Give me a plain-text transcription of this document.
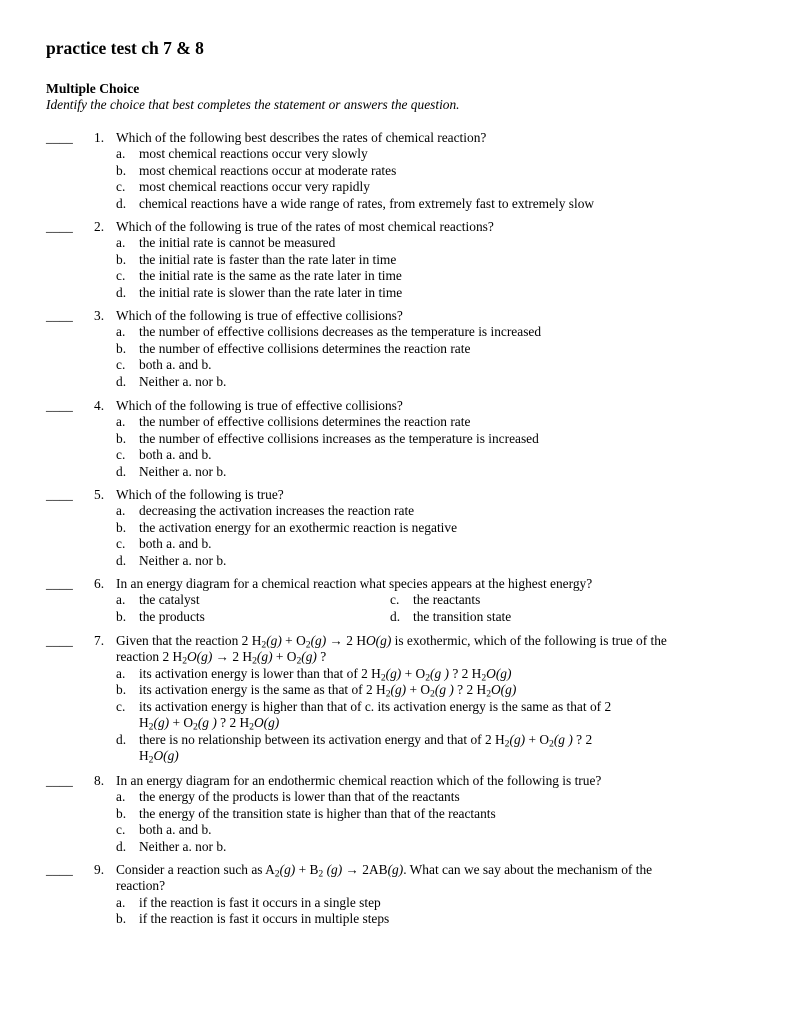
practice test ch 7 & 8
Multiple Choice
Identify the choice that best completes the statement or answers the question.
____ 1. Which of the following best describes the rates of chemical reaction?
a. most chemical reactions occur very slowly
b. most chemical reactions occur at moderate rates
c. most chemical reactions occur very rapidly
d. chemical reactions have a wide range of rates, from extremely fast to extremely slow
____ 2. Which of the following is true of the rates of most chemical reactions?
a. the initial rate is cannot be measured
b. the initial rate is faster than the rate later in time
c. the initial rate is the same as the rate later in time
d. the initial rate is slower than the rate later in time
____ 3. Which of the following is true of effective collisions?
a. the number of effective collisions decreases as the temperature is increased
b. the number of effective collisions determines the reaction rate
c. both a. and b.
d. Neither a. nor b.
____ 4. Which of the following is true of effective collisions?
a. the number of effective collisions determines the reaction rate
b. the number of effective collisions increases as the temperature is increased
c. both a. and b.
d. Neither a. nor b.
____ 5. Which of the following is true?
a. decreasing the activation increases the reaction rate
b. the activation energy for an exothermic reaction is negative
c. both a. and b.
d. Neither a. nor b.
____ 6. In an energy diagram for a chemical reaction what species appears at the highest energy?
a. the catalyst
b. the products
c. the reactants
d. the transition state
____ 7. Given that the reaction 2 $H_2(g) + O_2(g) \to 2$ HO(g) is exothermic, which of the following is true of the
reaction 2 $H_2O(g) \to 2$ $H_2(g) + O_2(g)$ ?
a. its activation energy is lower than that of 2 $H_2(g) + O_2(g$ ) ? 2 $H_2O(g)$
b. its activation energy is the same as that of 2 $H_2(g) + O_2(g$ ) ? 2 $H_2O(g)$
c. its activation energy is higher than that of c. its activation energy is the same as that of 2
$H_2(g) + O_2(g$ ) ? 2 $H_2O(g)$
d. there is no relationship between its activation energy and that of 2 $H_2(g) + O_2(g$ ) ? 2
$H_2O(g)$
____ 8. In an energy diagram for an endothermic chemical reaction which of the following is true?
a. the energy of the products is lower than that of the reactants
b. the energy of the transition state is higher than that of the reactants
c. both a. and b.
d. Neither a. nor b.
____ 9. Consider a reaction such as $A_2(g) + B_2$ (g) → 2AB(g). What can we say about the mechanism of the
reaction?
a. if the reaction is fast it occurs in a single step
b. if the reaction is fast it occurs in multiple steps
